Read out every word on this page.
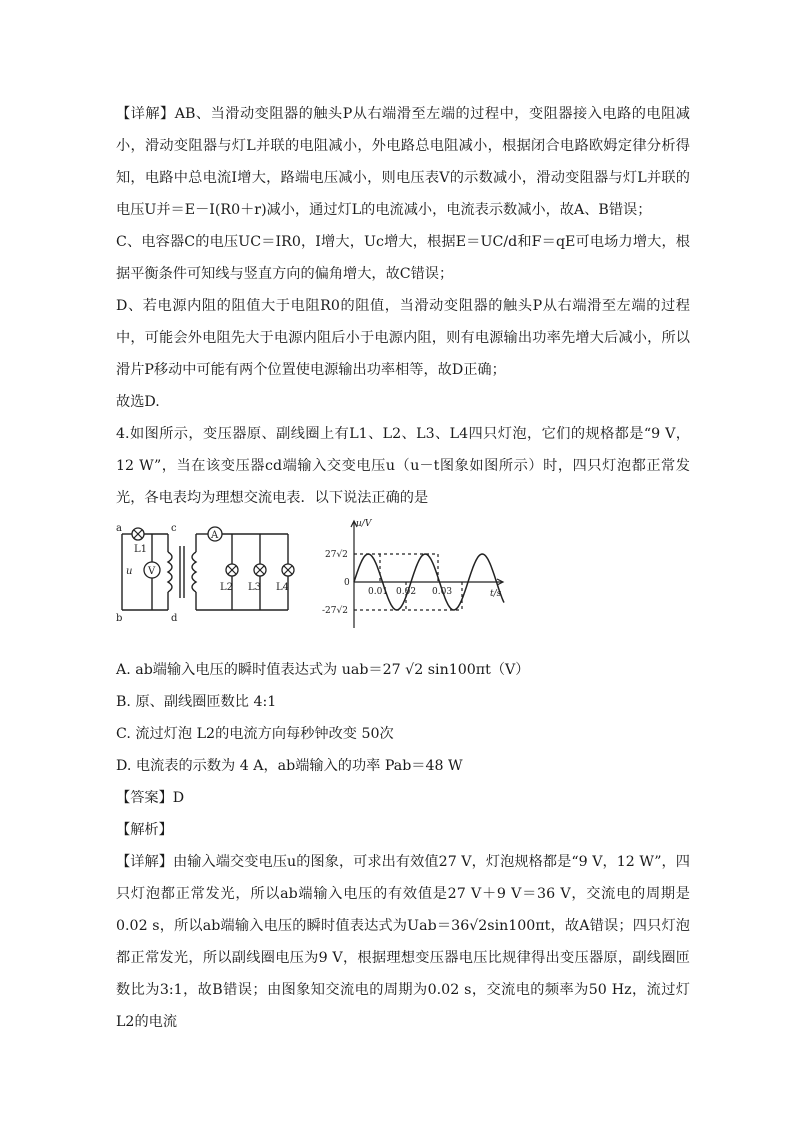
【详解】AB、当滑动变阻器的触头P从右端滑至左端的过程中，变阻器接入电路的电阻减小，滑动变阻器与灯L并联的电阻减小，外电路总电阻减小，根据闭合电路欧姆定律分析得知，电路中总电流I增大，路端电压减小，则电压表V的示数减小，滑动变阻器与灯L并联的电压U并＝E－I(R0＋r)减小，通过灯L的电流减小，电流表示数减小，故A、B错误；

C、电容器C的电压UC＝IR0，I增大，Uc增大，根据E＝UC/d和F＝qE可电场力增大，根据平衡条件可知线与竖直方向的偏角增大，故C错误；

D、若电源内阻的阻值大于电阻R0的阻值，当滑动变阻器的触头P从右端滑至左端的过程中，可能会外电阻先大于电源内阻后小于电源内阻，则有电源输出功率先增大后减小，所以滑片P移动中可能有两个位置使电源输出功率相等，故D正确；

故选D.

4.如图所示，变压器原、副线圈上有L1、L2、L3、L4四只灯泡，它们的规格都是“9 V，12 W”，当在该变压器cd端输入交变电压u（u－t图象如图所示）时，四只灯泡都正常发光，各电表均为理想交流电表．以下说法正确的是

V
A
a
b
c
d
u
L1
L2 L3 L4
u/V
t/s
27√2
0
-27√2
0.01 0.02 0.03

A. ab端输入电压的瞬时值表达式为 uab＝27 √2 sin100πt（V）

B. 原、副线圈匝数比 4:1

C. 流过灯泡 L2的电流方向每秒钟改变 50次

D. 电流表的示数为 4 A，ab端输入的功率 Pab＝48 W

【答案】D

【解析】

【详解】由输入端交变电压u的图象，可求出有效值27 V，灯泡规格都是“9 V，12 W”，四只灯泡都正常发光，所以ab端输入电压的有效值是27 V＋9 V＝36 V，交流电的周期是0.02 s，所以ab端输入电压的瞬时值表达式为Uab＝36√2sin100πt，故A错误；四只灯泡都正常发光，所以副线圈电压为9 V，根据理想变压器电压比规律得出变压器原，副线圈匝数比为3:1，故B错误；由图象知交流电的周期为0.02 s，交流电的频率为50 Hz，流过灯L2的电流
